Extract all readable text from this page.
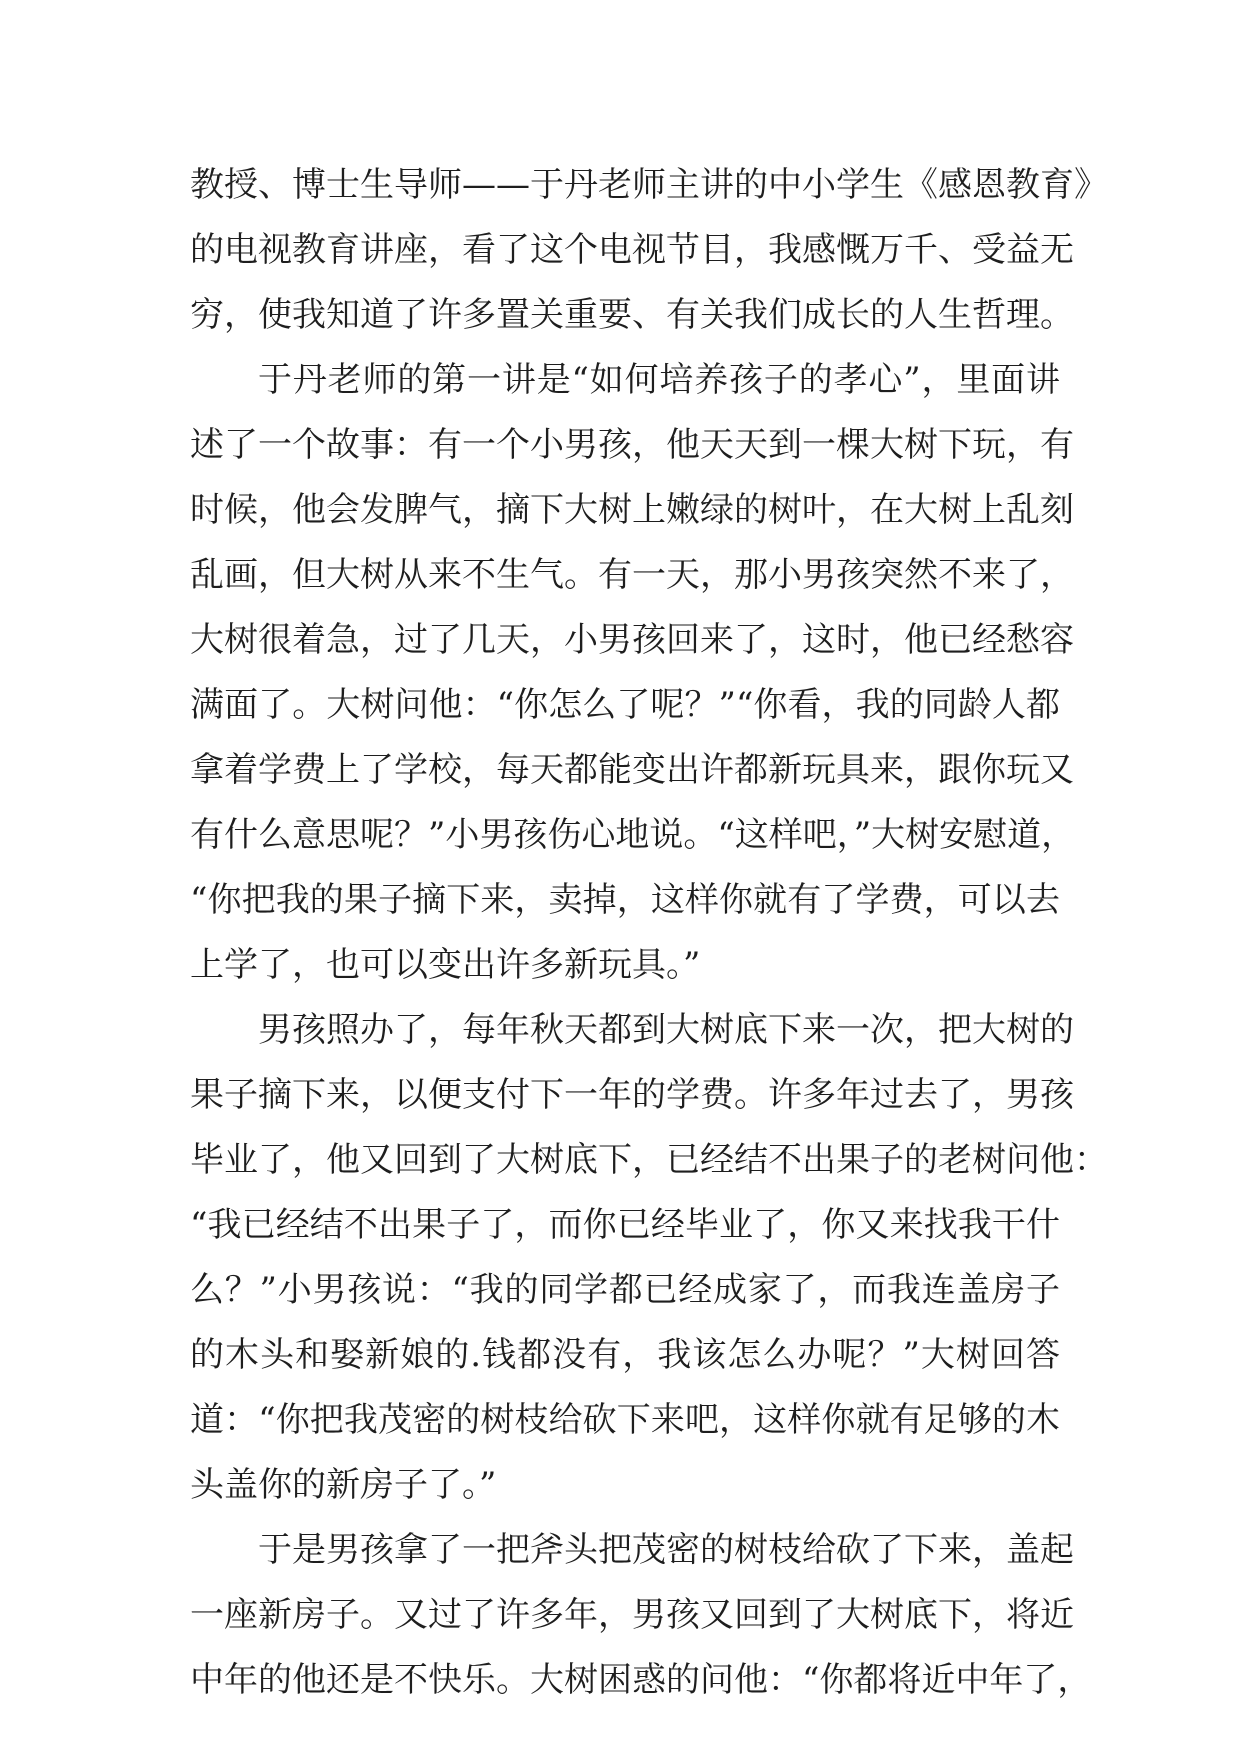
教授、博士生导师——于丹老师主讲的中小学生《感恩教育》
的电视教育讲座，看了这个电视节目，我感慨万千、受益无
穷，使我知道了许多置关重要、有关我们成长的人生哲理。
于丹老师的第一讲是“如何培养孩子的孝心”，里面讲
述了一个故事：有一个小男孩，他天天到一棵大树下玩，有
时候，他会发脾气，摘下大树上嫩绿的树叶，在大树上乱刻
乱画，但大树从来不生气。有一天，那小男孩突然不来了，
大树很着急，过了几天，小男孩回来了，这时，他已经愁容
满面了。大树问他：“你怎么了呢？”“你看，我的同龄人都
拿着学费上了学校，每天都能变出许都新玩具来，跟你玩又
有什么意思呢？”小男孩伤心地说。“这样吧，”大树安慰道，
“你把我的果子摘下来，卖掉，这样你就有了学费，可以去
上学了，也可以变出许多新玩具。”
男孩照办了，每年秋天都到大树底下来一次，把大树的
果子摘下来，以便支付下一年的学费。许多年过去了，男孩
毕业了，他又回到了大树底下，已经结不出果子的老树问他：
“我已经结不出果子了，而你已经毕业了，你又来找我干什
么？”小男孩说：“我的同学都已经成家了，而我连盖房子
的木头和娶新娘的.钱都没有，我该怎么办呢？”大树回答
道：“你把我茂密的树枝给砍下来吧，这样你就有足够的木
头盖你的新房子了。”
于是男孩拿了一把斧头把茂密的树枝给砍了下来，盖起
一座新房子。又过了许多年，男孩又回到了大树底下，将近
中年的他还是不快乐。大树困惑的问他：“你都将近中年了，
